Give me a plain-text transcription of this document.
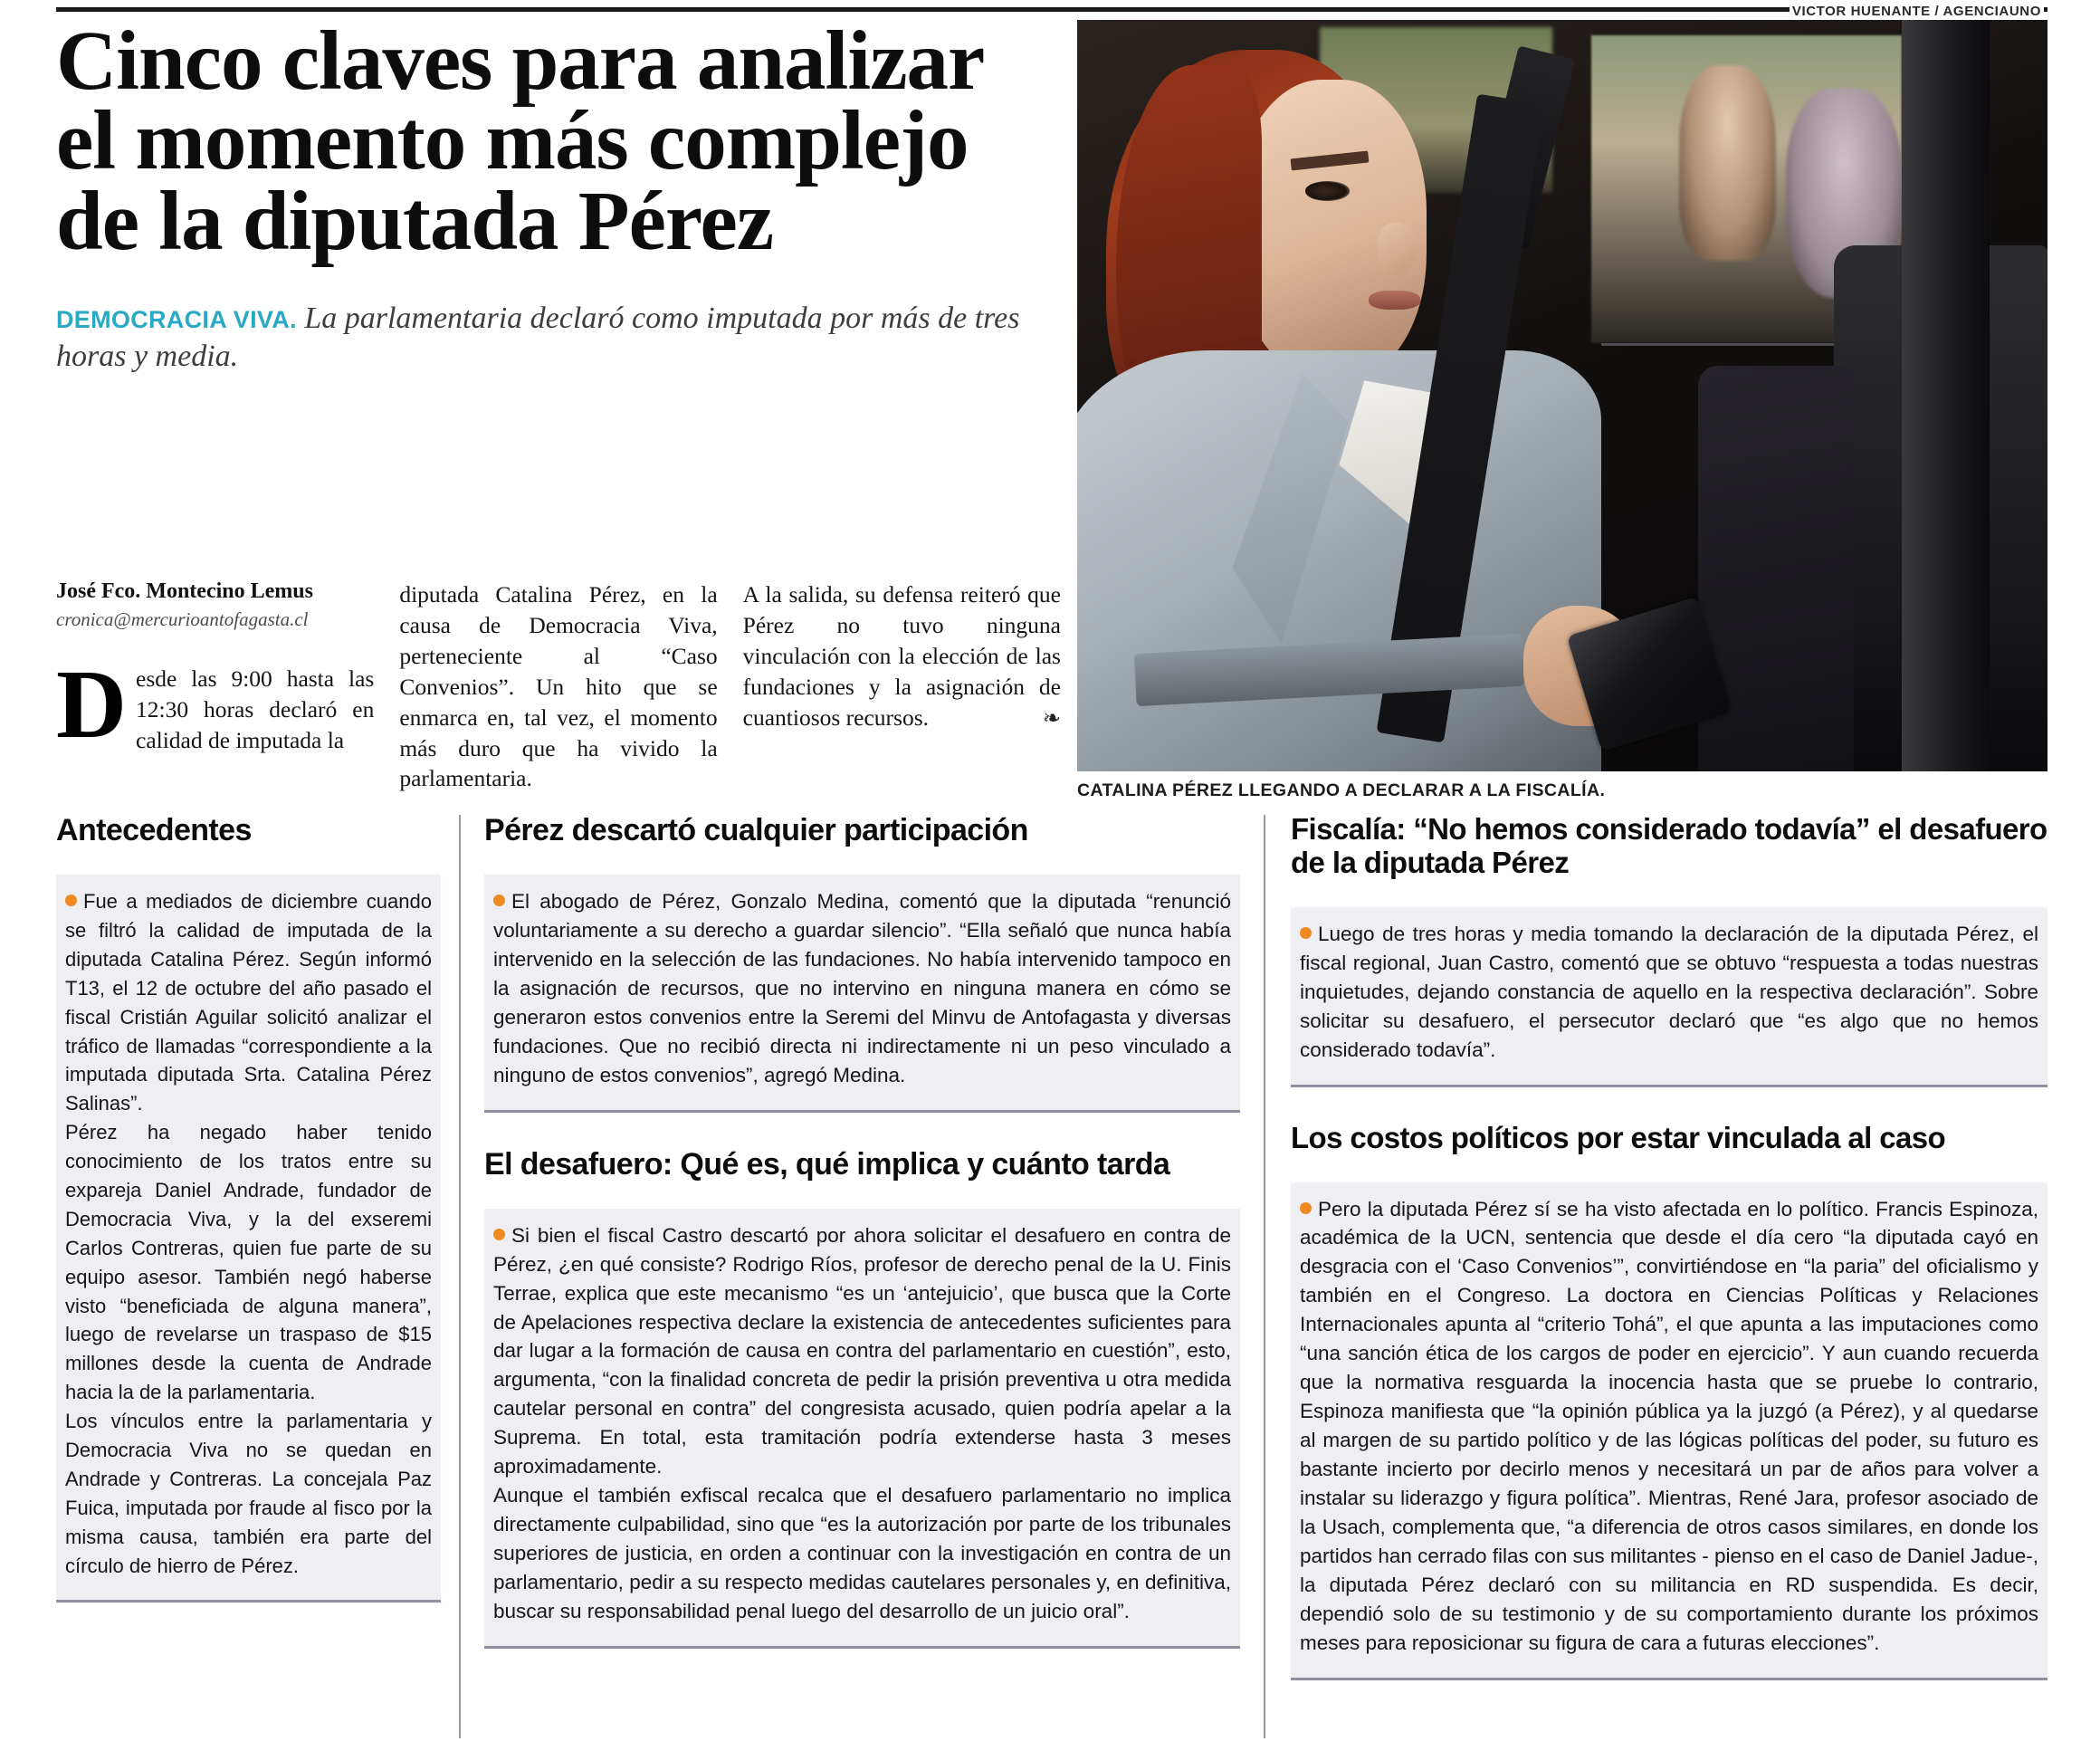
Cinco claves para analizar el momento más complejo de la diputada Pérez
DEMOCRACIA VIVA. La parlamentaria declaró como imputada por más de tres horas y media.
José Fco. Montecino Lemus
cronica@mercurioantofagasta.cl
Desde las 9:00 hasta las 12:30 horas declaró en calidad de imputada la

diputada Catalina Pérez, en la causa de Democracia Viva, perteneciente al “Caso Convenios”. Un hito que se enmarca en, tal vez, el momento más duro que ha vivido la parlamentaria.

A la salida, su defensa reiteró que Pérez no tuvo ninguna vinculación con la elección de las fundaciones y la asignación de cuantiosos recursos.	❧
VICTOR HUENANTE / AGENCIAUNO
CATALINA PÉREZ LLEGANDO A DECLARAR A LA FISCALÍA.
Antecedentes

Fue a mediados de diciembre cuando se filtró la calidad de imputada de la diputada Catalina Pérez. Según informó T13, el 12 de octubre del año pasado el fiscal Cristián Aguilar solicitó analizar el tráfico de llamadas “correspondiente a la imputada diputada Srta. Catalina Pérez Salinas”.

Pérez ha negado haber tenido conocimiento de los tratos entre su expareja Daniel Andrade, fundador de Democracia Viva, y la del exseremi Carlos Contreras, quien fue parte de su equipo asesor. También negó haberse visto “beneficiada de alguna manera”, luego de revelarse un traspaso de $15 millones desde la cuenta de Andrade hacia la de la parlamentaria.

Los vínculos entre la parlamentaria y Democracia Viva no se quedan en Andrade y Contreras. La concejala Paz Fuica, imputada por fraude al fisco por la misma causa, también era parte del círculo de hierro de Pérez.

Pérez descartó cualquier participación

El abogado de Pérez, Gonzalo Medina, comentó que la diputada “renunció voluntariamente a su derecho a guardar silencio”. “Ella señaló que nunca había intervenido en la selección de las fundaciones. No había intervenido tampoco en la asignación de recursos, que no intervino en ninguna manera en cómo se generaron estos convenios entre la Seremi del Minvu de Antofagasta y diversas fundaciones. Que no recibió directa ni indirectamente ni un peso vinculado a ninguno de estos convenios”, agregó Medina.

El desafuero: Qué es, qué implica y cuánto tarda

Si bien el fiscal Castro descartó por ahora solicitar el desafuero en contra de Pérez, ¿en qué consiste? Rodrigo Ríos, profesor de derecho penal de la U. Finis Terrae, explica que este mecanismo “es un ‘antejuicio’, que busca que la Corte de Apelaciones respectiva declare la existencia de antecedentes suficientes para dar lugar a la formación de causa en contra del parlamentario en cuestión”, esto, argumenta, “con la finalidad concreta de pedir la prisión preventiva u otra medida cautelar personal en contra” del congresista acusado, quien podría apelar a la Suprema. En total, esta tramitación podría extenderse hasta 3 meses aproximadamente.

Aunque el también exfiscal recalca que el desafuero parlamentario no implica directamente culpabilidad, sino que “es la autorización por parte de los tribunales superiores de justicia, en orden a continuar con la investigación en contra de un parlamentario, pedir a su respecto medidas cautelares personales y, en definitiva, buscar su responsabilidad penal luego del desarrollo de un juicio oral”.

Fiscalía: “No hemos considerado todavía” el desafuero de la diputada Pérez

Luego de tres horas y media tomando la declaración de la diputada Pérez, el fiscal regional, Juan Castro, comentó que se obtuvo “respuesta a todas nuestras inquietudes, dejando constancia de aquello en la respectiva declaración”. Sobre solicitar su desafuero, el persecutor declaró que “es algo que no hemos considerado todavía”.

Los costos políticos por estar vinculada al caso

Pero la diputada Pérez sí se ha visto afectada en lo político. Francis Espinoza, académica de la UCN, sentencia que desde el día cero “la diputada cayó en desgracia con el ‘Caso Convenios’”, convirtiéndose en “la paria” del oficialismo y también en el Congreso. La doctora en Ciencias Políticas y Relaciones Internacionales apunta al “criterio Tohá”, el que apunta a las imputaciones como “una sanción ética de los cargos de poder en ejercicio”. Y aun cuando recuerda que la normativa resguarda la inocencia hasta que se pruebe lo contrario, Espinoza manifiesta que “la opinión pública ya la juzgó (a Pérez), y al quedarse al margen de su partido político y de las lógicas políticas del poder, su futuro es bastante incierto por decirlo menos y necesitará un par de años para volver a instalar su liderazgo y figura política”. Mientras, René Jara, profesor asociado de la Usach, complementa que, “a diferencia de otros casos similares, en donde los partidos han cerrado filas con sus militantes - pienso en el caso de Daniel Jadue-, la diputada Pérez declaró con su militancia en RD suspendida. Es decir, dependió solo de su testimonio y de su comportamiento durante los próximos meses para reposicionar su figura de cara a futuras elecciones”.
